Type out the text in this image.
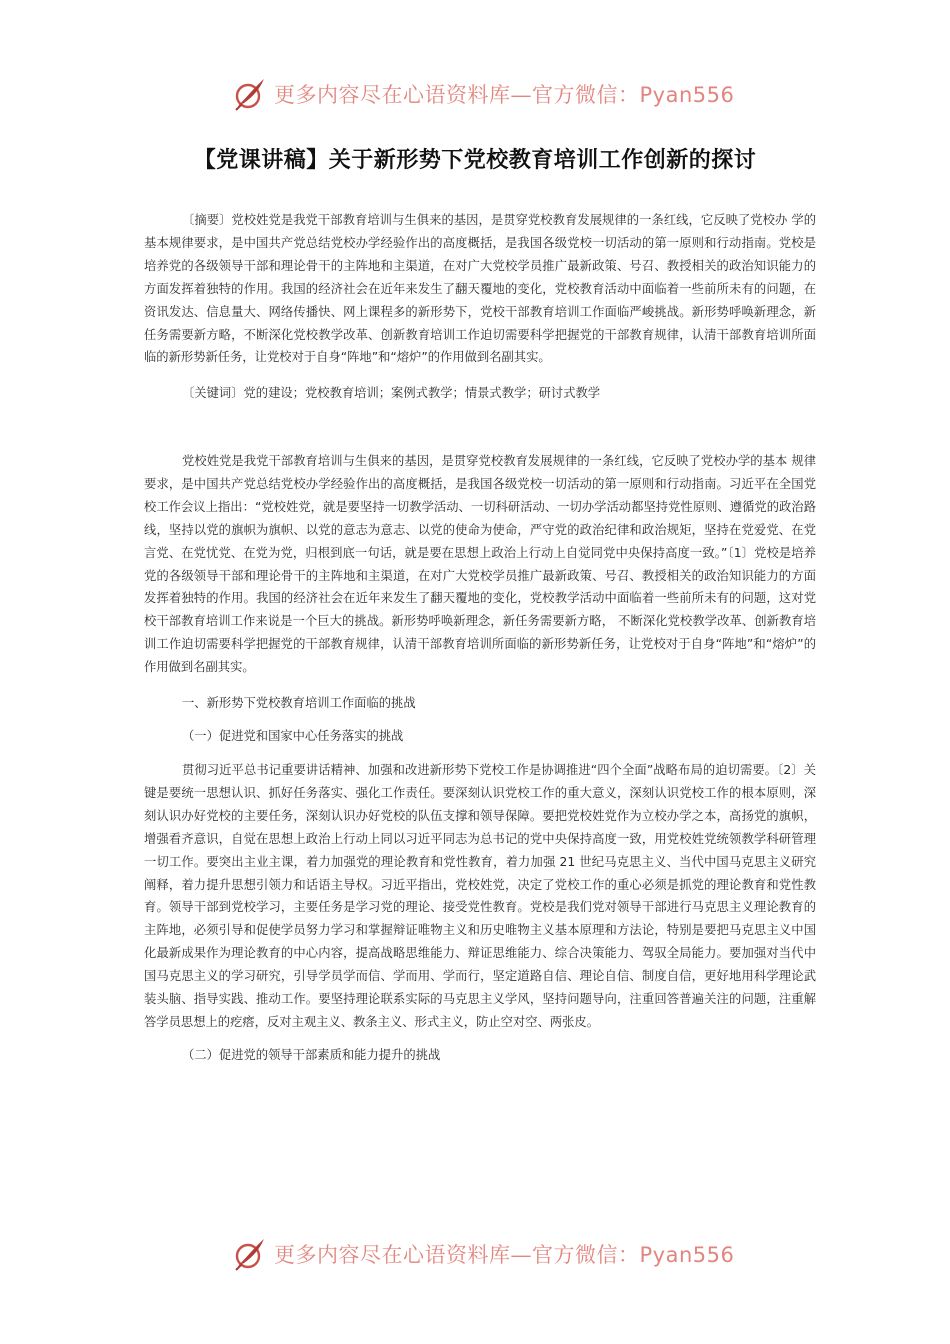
更多内容尽在心语资料库—官方微信：Pyan556
【党课讲稿】关于新形势下党校教育培训工作创新的探讨

〔摘要〕党校姓党是我党干部教育培训与生俱来的基因，是贯穿党校教育发展规律的一条红线，它反映了党校办 学的基本规律要求，是中国共产党总结党校办学经验作出的高度概括，是我国各级党校一切活动的第一原则和行动指南。党校是培养党的各级领导干部和理论骨干的主阵地和主渠道，在对广大党校学员推广最新政策、号召、教授相关的政治知识能力的方面发挥着独特的作用。我国的经济社会在近年来发生了翻天覆地的变化，党校教育活动中面临着一些前所未有的问题，在资讯发达、信息量大、网络传播快、网上课程多的新形势下，党校干部教育培训工作面临严峻挑战。新形势呼唤新理念，新任务需要新方略，不断深化党校教学改革、创新教育培训工作迫切需要科学把握党的干部教育规律，认清干部教育培训所面临的新形势新任务，让党校对于自身“阵地”和“熔炉”的作用做到名副其实。

〔关键词〕党的建设；党校教育培训；案例式教学；情景式教学；研讨式教学

党校姓党是我党干部教育培训与生俱来的基因，是贯穿党校教育发展规律的一条红线，它反映了党校办学的基本 规律要求，是中国共产党总结党校办学经验作出的高度概括，是我国各级党校一切活动的第一原则和行动指南。习近平在全国党校工作会议上指出：“党校姓党，就是要坚持一切教学活动、一切科研活动、一切办学活动都坚持党性原则、遵循党的政治路线，坚持以党的旗帜为旗帜、以党的意志为意志、以党的使命为使命，严守党的政治纪律和政治规矩，坚持在党爱党、在党言党、在党忧党、在党为党，归根到底一句话，就是要在思想上政治上行动上自觉同党中央保持高度一致。”〔1〕党校是培养党的各级领导干部和理论骨干的主阵地和主渠道，在对广大党校学员推广最新政策、号召、教授相关的政治知识能力的方面发挥着独特的作用。我国的经济社会在近年来发生了翻天覆地的变化，党校教学活动中面临着一些前所未有的问题，这对党校干部教育培训工作来说是一个巨大的挑战。新形势呼唤新理念，新任务需要新方略， 不断深化党校教学改革、创新教育培训工作迫切需要科学把握党的干部教育规律，认清干部教育培训所面临的新形势新任务，让党校对于自身“阵地”和“熔炉”的作用做到名副其实。

一、新形势下党校教育培训工作面临的挑战

（一）促进党和国家中心任务落实的挑战

贯彻习近平总书记重要讲话精神、加强和改进新形势下党校工作是协调推进“四个全面”战略布局的迫切需要。〔2〕关键是要统一思想认识、抓好任务落实、强化工作责任。要深刻认识党校工作的重大意义，深刻认识党校工作的根本原则，深刻认识办好党校的主要任务，深刻认识办好党校的队伍支撑和领导保障。要把党校姓党作为立校办学之本，高扬党的旗帜，增强看齐意识，自觉在思想上政治上行动上同以习近平同志为总书记的党中央保持高度一致，用党校姓党统领教学科研管理一切工作。要突出主业主课，着力加强党的理论教育和党性教育，着力加强 21 世纪马克思主义、当代中国马克思主义研究阐释，着力提升思想引领力和话语主导权。习近平指出，党校姓党，决定了党校工作的重心必须是抓党的理论教育和党性教育。领导干部到党校学习，主要任务是学习党的理论、接受党性教育。党校是我们党对领导干部进行马克思主义理论教育的主阵地，必须引导和促使学员努力学习和掌握辩证唯物主义和历史唯物主义基本原理和方法论，特别是要把马克思主义中国化最新成果作为理论教育的中心内容，提高战略思维能力、辩证思维能力、综合决策能力、驾驭全局能力。要加强对当代中国马克思主义的学习研究，引导学员学而信、学而用、学而行，坚定道路自信、理论自信、制度自信，更好地用科学理论武装头脑、指导实践、推动工作。要坚持理论联系实际的马克思主义学风，坚持问题导向，注重回答普遍关注的问题，注重解答学员思想上的疙瘩，反对主观主义、教条主义、形式主义，防止空对空、两张皮。

（二）促进党的领导干部素质和能力提升的挑战

更多内容尽在心语资料库—官方微信：Pyan556
